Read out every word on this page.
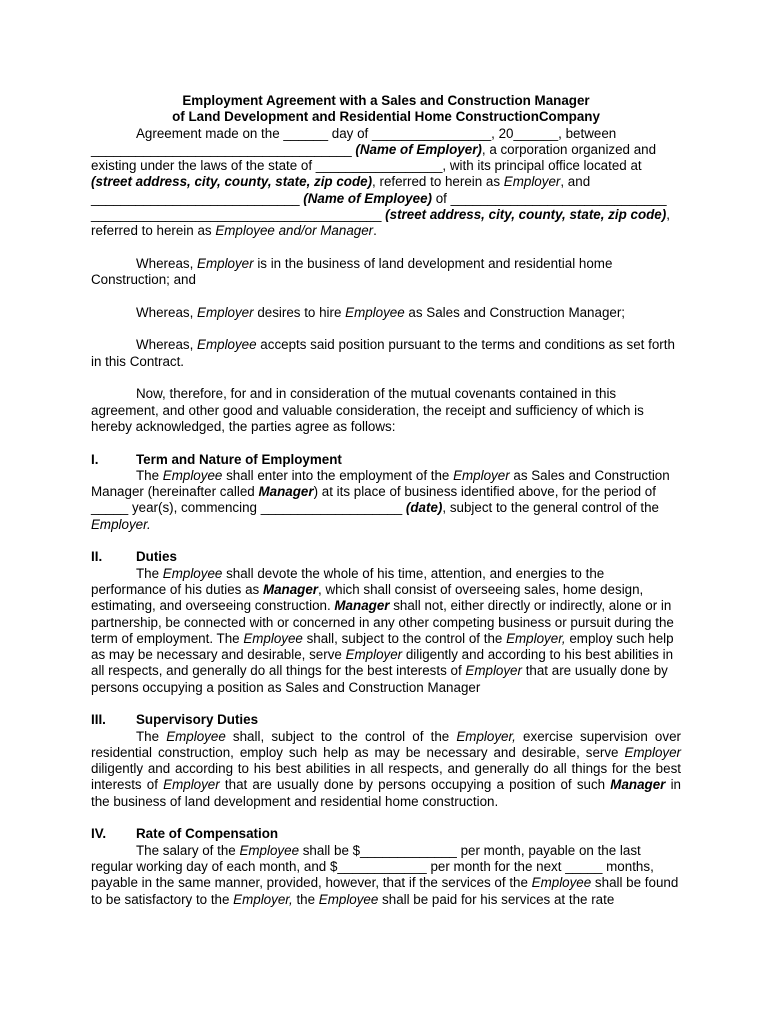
Employment Agreement with a Sales and Construction Manager

of Land Development and Residential Home ConstructionCompany

Agreement made on the ______ day of ________________, 20______, between

___________________________________ (Name of Employer), a corporation organized and

existing under the laws of the state of _________________, with its principal office located at

(street address, city, county, state, zip code), referred to herein as Employer, and

____________________________ (Name of Employee) of _____________________________

_______________________________________ (street address, city, county, state, zip code),

referred to herein as Employee and/or Manager.

Whereas, Employer is in the business of land development and residential home Construction; and

Whereas, Employer desires to hire Employee as Sales and Construction Manager;

Whereas, Employee accepts said position pursuant to the terms and conditions as set forth in this Contract.

Now, therefore, for and in consideration of the mutual covenants contained in this agreement, and other good and valuable consideration, the receipt and sufficiency of which is hereby acknowledged, the parties agree as follows:

I.	Term and Nature of Employment

The Employee shall enter into the employment of the Employer as Sales and Construction Manager (hereinafter called Manager) at its place of business identified above, for the period of _____ year(s), commencing ___________________ (date), subject to the general control of the Employer.

II.	Duties

The Employee shall devote the whole of his time, attention, and energies to the performance of his duties as Manager, which shall consist of overseeing sales, home design, estimating, and overseeing construction. Manager shall not, either directly or indirectly, alone or in partnership, be connected with or concerned in any other competing business or pursuit during the term of employment. The Employee shall, subject to the control of the Employer, employ such help as may be necessary and desirable, serve Employer diligently and according to his best abilities in all respects, and generally do all things for the best interests of Employer that are usually done by persons occupying a position as Sales and Construction Manager

III.	Supervisory Duties

The Employee shall, subject to the control of the Employer, exercise supervision over residential construction, employ such help as may be necessary and desirable, serve Employer diligently and according to his best abilities in all respects, and generally do all things for the best interests of Employer that are usually done by persons occupying a position of such Manager in the business of land development and residential home construction.

IV.	Rate of Compensation

The salary of the Employee shall be $_____________ per month, payable on the last regular working day of each month, and $____________ per month for the next _____ months, payable in the same manner, provided, however, that if the services of the Employee shall be found to be satisfactory to the Employer, the Employee shall be paid for his services at the rate
